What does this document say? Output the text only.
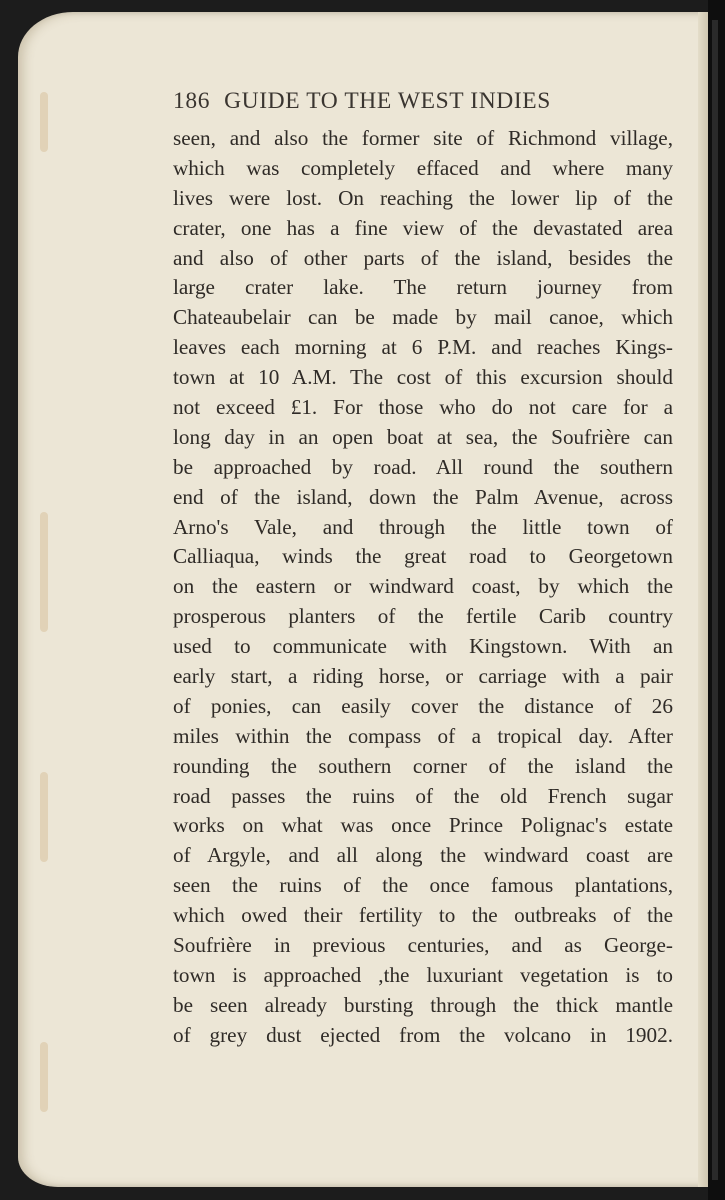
186 GUIDE TO THE WEST INDIES
seen, and also the former site of Richmond village,
which was completely effaced and where many
lives were lost. On reaching the lower lip of the
crater, one has a fine view of the devastated area
and also of other parts of the island, besides the
large crater lake. The return journey from
Chateaubelair can be made by mail canoe, which
leaves each morning at 6 P.M. and reaches Kings-
town at 10 A.M. The cost of this excursion should
not exceed £1. For those who do not care for a
long day in an open boat at sea, the Soufrière can
be approached by road. All round the southern
end of the island, down the Palm Avenue, across
Arno's Vale, and through the little town of
Calliaqua, winds the great road to Georgetown
on the eastern or windward coast, by which the
prosperous planters of the fertile Carib country
used to communicate with Kingstown. With an
early start, a riding horse, or carriage with a pair
of ponies, can easily cover the distance of 26
miles within the compass of a tropical day. After
rounding the southern corner of the island the
road passes the ruins of the old French sugar
works on what was once Prince Polignac's estate
of Argyle, and all along the windward coast are
seen the ruins of the once famous plantations,
which owed their fertility to the outbreaks of the
Soufrière in previous centuries, and as George-
town is approached ,the luxuriant vegetation is to
be seen already bursting through the thick mantle
of grey dust ejected from the volcano in 1902.
